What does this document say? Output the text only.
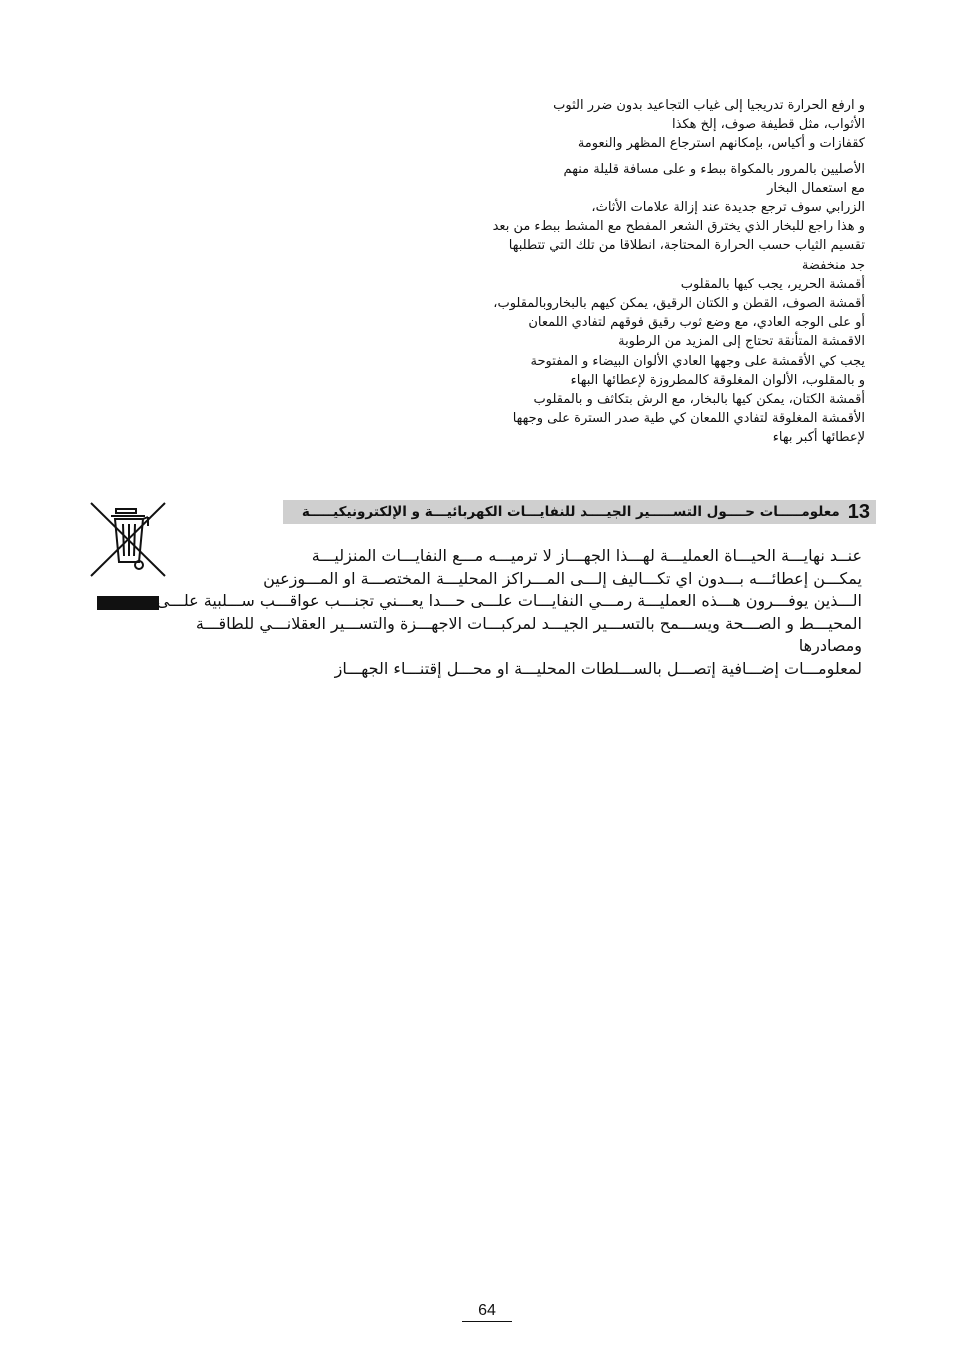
و ارفع الحرارة تدريجيا إلى غياب التجاعيد بدون ضرر الثوب
الأثواب، مثل قطيفة صوف، إلخ هكذا
كقفازات و أكياس، بإمكانهم استرجاع المظهر والنعومة
الأصليين بالمرور بالمكواة ببطء و على مسافة قليلة منهم
مع استعمال البخار
الزرابي سوف ترجع جديدة عند إزالة علامات الأثاث،
و هذا راجع للبخار الذي يخترق الشعر المفطح مع المشط ببطء من بعد
تقسيم الثياب حسب الحرارة المحتاجة، انطلاقا من تلك التي تتطلبها
جد منخفضة
أقمشة الحرير، يجب كيها بالمقلوب
أقمشة الصوف، القطن و الكتان الرقيق، يمكن كيهم بالبخاروبالمقلوب،
أو على الوجه العادي، مع وضع ثوب رقيق فوقهم لتفادي اللمعان
الاقمشة المتأنقة تحتاج إلى المزيد من الرطوبة
يجب كي الأقمشة على وجهها العادي الألوان البيضاء و المفتوحة
و بالمقلوب، الألوان المغلوقة كالمطروزة لإعطائها البهاء
أقمشة الكتان، يمكن كيها بالبخار، مع الرش بتكاثف و بالمقلوب
الأقمشة المغلوقة لتفادي اللمعان كي طية صدر السترة على وجهها
لإعطائها أكبر بهاء
13
معلومـــــات حــــول التســـــير الجيــــد للنفايـــات الكهربائيـــة و الإلكترونيكيـــــة
عنــد نهايـــة الحيـــاة العمليـــة لهـــذا الجهـــاز لا ترميـــه مـــع النفايـــات المنزليـــة
يمكـــن إعطائـــه بـــدون اي تكـــاليف إلـــى المـــراكز المحليـــة المختصـــة او المـــوزعين
الـــذين يوفـــرون هـــذه العمليـــة رمـــي النفايـــات علـــى حـــدا يعـــني تجنـــب عواقـــب ســـلبية علـــى
المحيـــط و الصـــحة ويســـمح بالتســـير الجيـــد لمركبـــات الاجهـــزة والتســـير العقلانـــي للطاقـــة
ومصادرها
لمعلومـــات إضـــافية إتصـــل بالســـلطات المحليـــة او محـــل إقتنـــاء الجهـــاز
64
